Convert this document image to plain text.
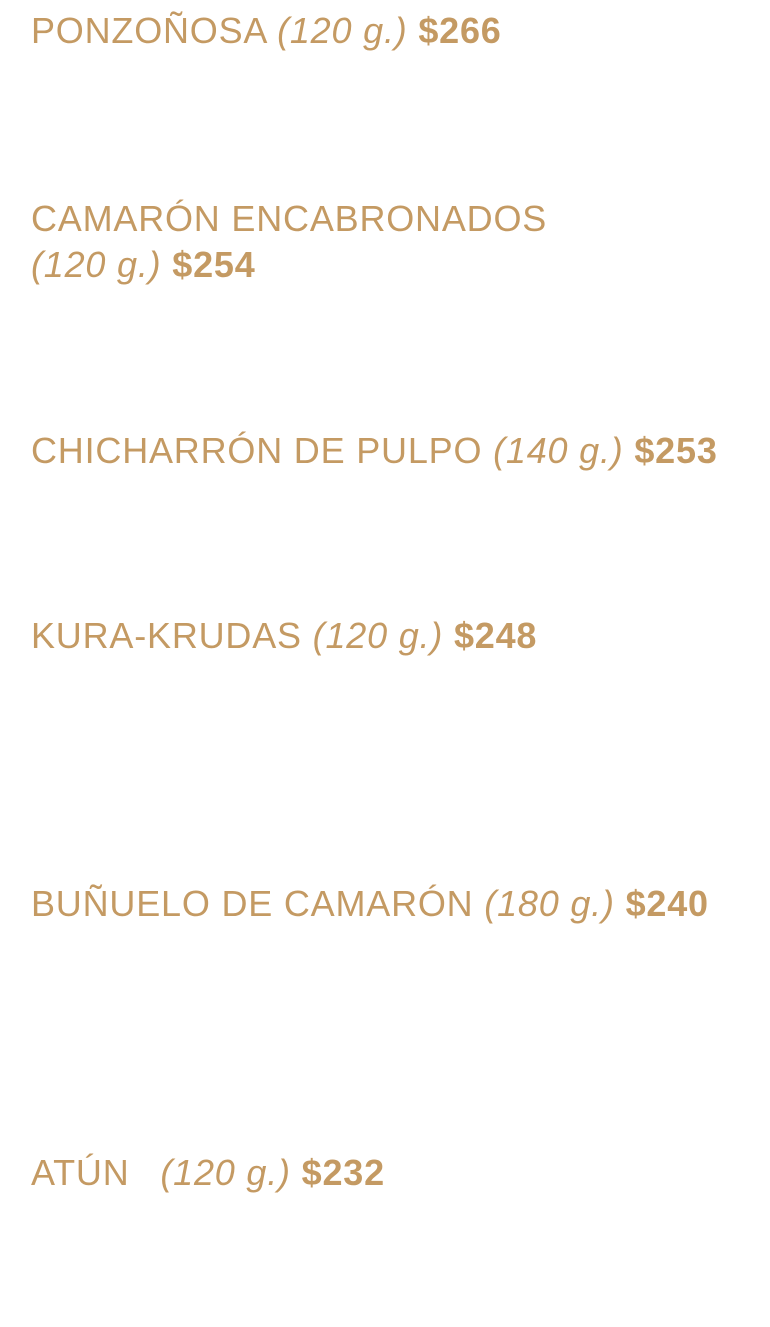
PONZOÑOSA (120 g.) $266
CAMARÓN ENCABRONADOS
(120 g.) $254
CHICHARRÓN DE PULPO (140 g.) $253
KURA-KRUDAS (120 g.) $248
BUÑUELO DE CAMARÓN (180 g.) $240
ATÚN (120 g.) $232
